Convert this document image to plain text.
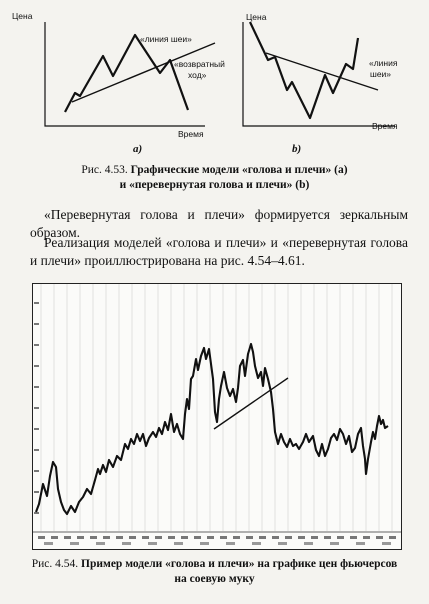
Цена
«линия шеи»
«возвратный
ход»
Время
а)
Цена
«линия
шеи»
Время
b)
Рис. 4.53. Графические модели «голова и плечи» (a)
и «перевернутая голова и плечи» (b)
«Перевернутая голова и плечи» формируется зеркальным образом.
Реализация моделей «голова и плечи» и «перевернутая голова и плечи» проиллюстрирована на рис. 4.54–4.61.
Рис. 4.54. Пример модели «голова и плечи» на графике цен фьючерсов
на соевую муку
